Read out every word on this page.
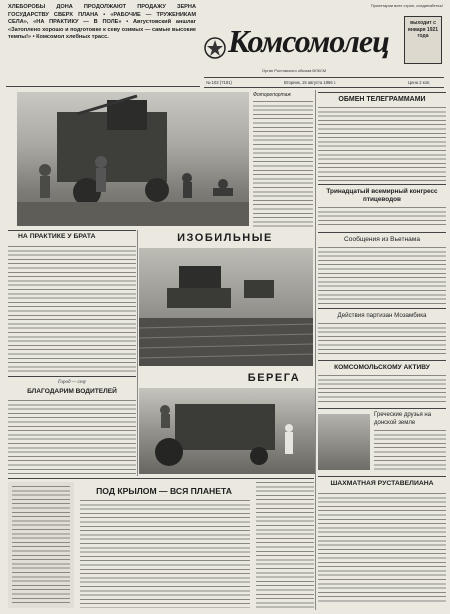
ХЛЕБОРОБЫ ДОНА ПРОДОЛЖАЮТ ПРОДАЖУ ЗЕРНА ГОСУДАРСТВУ СВЕРХ ПЛАНА • «РАБОЧИЕ — ТРУЖЕНИКАМ СЕЛА», «НА ПРАКТИКУ — В ПОЛЕ» • Августовский аншлаг «Затоплено хорошо и подготовке к севу озимых — самые высокие темпы!» • Комсомол хлебных трасс.
Пролетарии всех стран, соединяйтесь!
Комсомолец	выходит с января 1921 года
Орган Ростовского обкома ВЛКСМ
№ 102 (7181)	Вторник, 15 августа 1966 г.	Цена 2 коп.
Фоторепортаж
ОБМЕН ТЕЛЕГРАММАМИ
Тринадцатый всемирный конгресс птицеводов
Сообщения из Вьетнама
Действия партизан Мозамбика
КОМСОМОЛЬСКОМУ АКТИВУ
Греческие друзья на донской земле
НА ПРАКТИКЕ У БРАТА	ИЗОБИЛЬНЫЕ
БЕРЕГА
Город — селу
БЛАГОДАРИМ ВОДИТЕЛЕЙ
ПОД КРЫЛОМ — ВСЯ ПЛАНЕТА
ШАХМАТНАЯ РУСТАВЕЛИАНА
